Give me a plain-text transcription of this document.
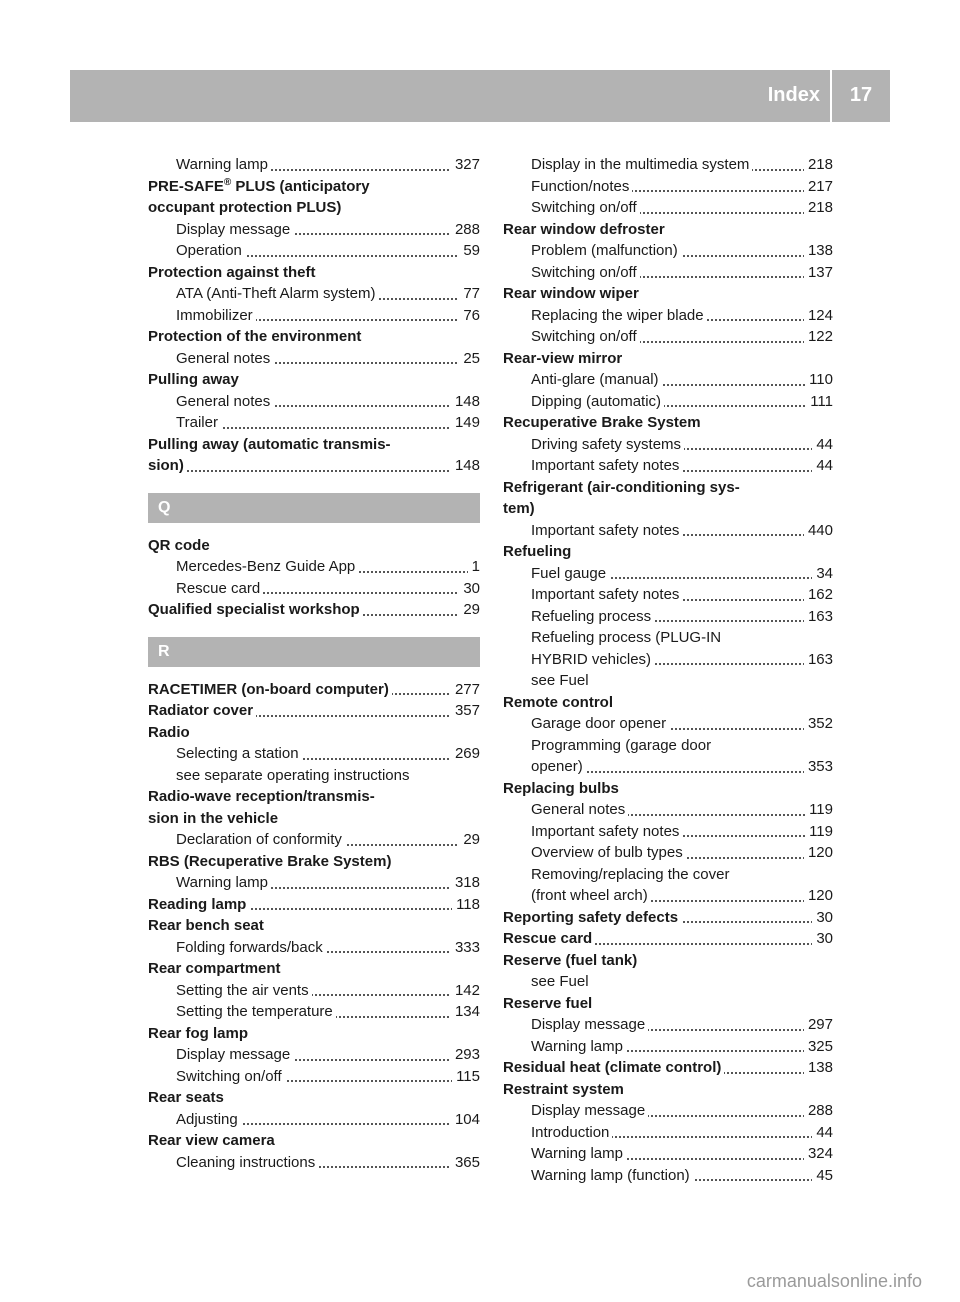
Index	17
Warning lamp	327
PRE-SAFE® PLUS (anticipatory
occupant protection PLUS)
Display message	288
Operation	59
Protection against theft
ATA (Anti-Theft Alarm system)	77
Immobilizer	76
Protection of the environment
General notes	25
Pulling away
General notes	148
Trailer	149
Pulling away (automatic transmis-
sion)	148
Q
QR code
Mercedes-Benz Guide App	1
Rescue card	30
Qualified specialist workshop	29
R
RACETIMER (on-board computer)	277
Radiator cover	357
Radio
Selecting a station	269
see separate operating instructions
Radio-wave reception/transmis-
sion in the vehicle
Declaration of conformity	29
RBS (Recuperative Brake System)
Warning lamp	318
Reading lamp	118
Rear bench seat
Folding forwards/back	333
Rear compartment
Setting the air vents	142
Setting the temperature	134
Rear fog lamp
Display message	293
Switching on/off	115
Rear seats
Adjusting	104
Rear view camera
Cleaning instructions	365
Display in the multimedia system	218
Function/notes	217
Switching on/off	218
Rear window defroster
Problem (malfunction)	138
Switching on/off	137
Rear window wiper
Replacing the wiper blade	124
Switching on/off	122
Rear-view mirror
Anti-glare (manual)	110
Dipping (automatic)	111
Recuperative Brake System
Driving safety systems	44
Important safety notes	44
Refrigerant (air-conditioning sys-
tem)
Important safety notes	440
Refueling
Fuel gauge	34
Important safety notes	162
Refueling process	163
Refueling process (PLUG-IN
HYBRID vehicles)	163
see Fuel
Remote control
Garage door opener	352
Programming (garage door
opener)	353
Replacing bulbs
General notes	119
Important safety notes	119
Overview of bulb types	120
Removing/replacing the cover
(front wheel arch)	120
Reporting safety defects	30
Rescue card	30
Reserve (fuel tank)
see Fuel
Reserve fuel
Display message	297
Warning lamp	325
Residual heat (climate control)	138
Restraint system
Display message	288
Introduction	44
Warning lamp	324
Warning lamp (function)	45
carmanualsonline.info
